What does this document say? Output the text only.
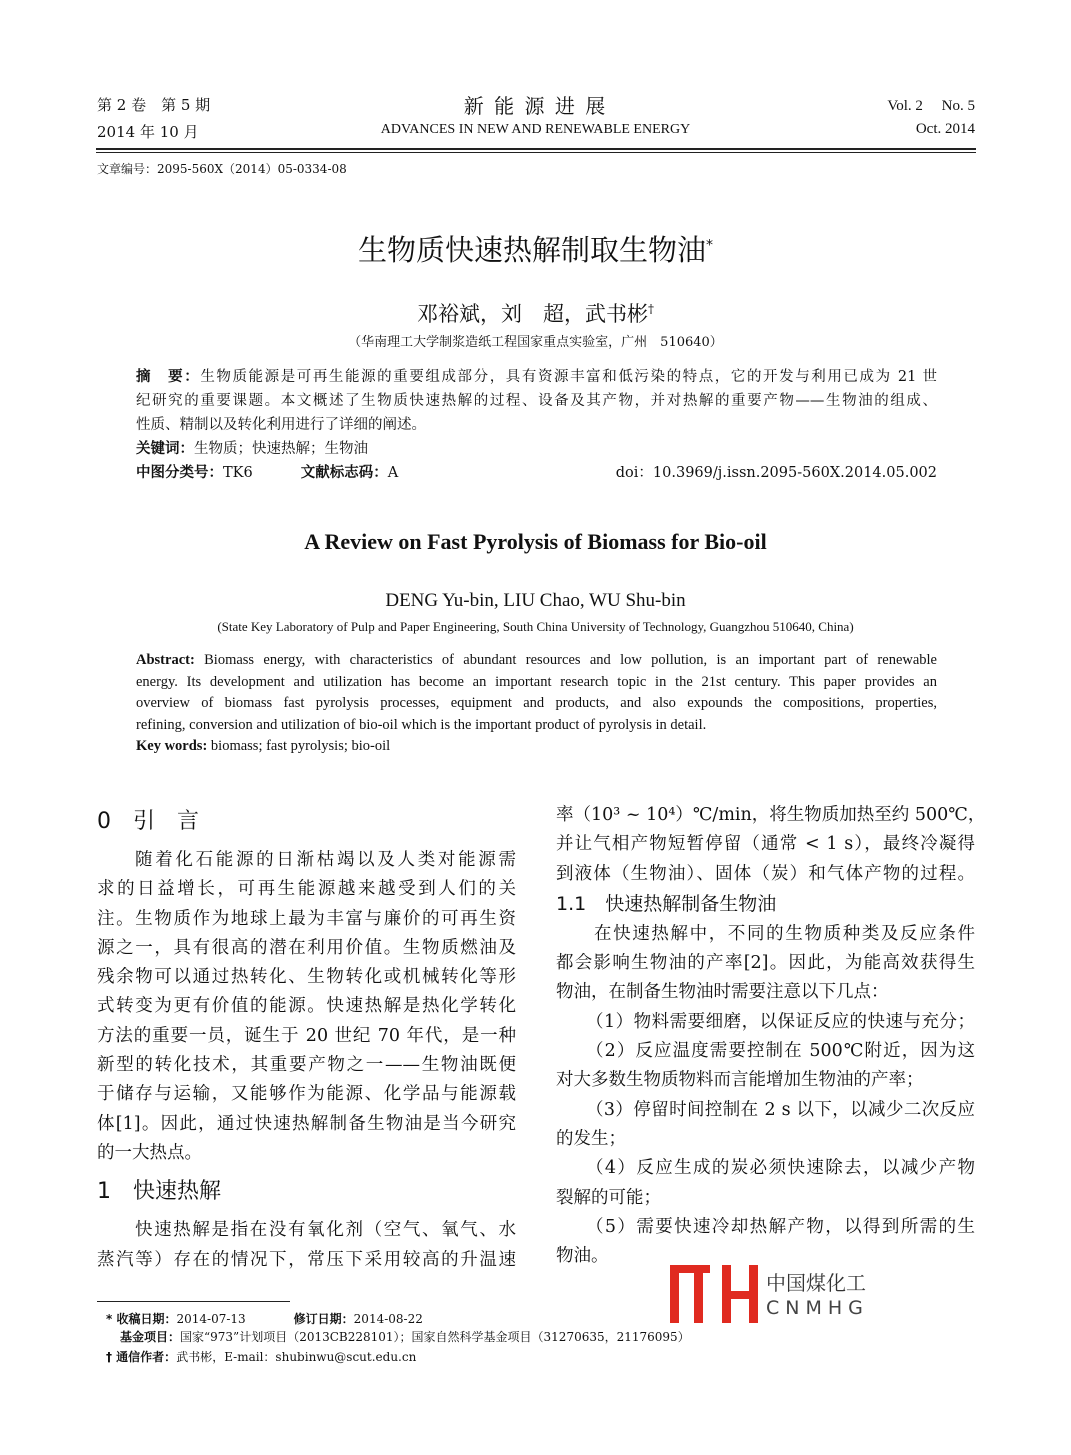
第 2 卷　第 5 期
2014 年 10 月
新 能 源 进 展
ADVANCES IN NEW AND RENEWABLE ENERGY
Vol. 2　 No. 5
Oct. 2014
文章编号：2095-560X（2014）05-0334-08
生物质快速热解制取生物油*
邓裕斌，刘　超，武书彬†
（华南理工大学制浆造纸工程国家重点实验室，广州　510640）
摘　要：生物质能源是可再生能源的重要组成部分，具有资源丰富和低污染的特点，它的开发与利用已成为 21 世
纪研究的重要课题。本文概述了生物质快速热解的过程、设备及其产物，并对热解的重要产物——生物油的组成、
性质、精制以及转化利用进行了详细的阐述。
关键词：生物质；快速热解；生物油
中图分类号：TK6	文献标志码：A	doi：10.3969/j.issn.2095-560X.2014.05.002
A Review on Fast Pyrolysis of Biomass for Bio-oil
DENG Yu-bin, LIU Chao, WU Shu-bin
(State Key Laboratory of Pulp and Paper Engineering, South China University of Technology, Guangzhou 510640, China)
Abstract: Biomass energy, with characteristics of abundant resources and low pollution, is an important part of renewable
energy. Its development and utilization has become an important research topic in the 21st century. This paper provides an
overview of biomass fast pyrolysis processes, equipment and products, and also expounds the compositions, properties,
refining, conversion and utilization of bio-oil which is the important product of pyrolysis in detail.
Key words: biomass; fast pyrolysis; bio-oil
0　引　言
随着化石能源的日渐枯竭以及人类对能源需
求的日益增长，可再生能源越来越受到人们的关
注。生物质作为地球上最为丰富与廉价的可再生资
源之一，具有很高的潜在利用价值。生物质燃油及
残余物可以通过热转化、生物转化或机械转化等形
式转变为更有价值的能源。快速热解是热化学转化
方法的重要一员，诞生于 20 世纪 70 年代，是一种
新型的转化技术，其重要产物之一——生物油既便
于储存与运输，又能够作为能源、化学品与能源载
体[1]。因此，通过快速热解制备生物油是当今研究
的一大热点。
1　快速热解
快速热解是指在没有氧化剂（空气、氧气、水
蒸汽等）存在的情况下，常压下采用较高的升温速
率（10³ ~ 10⁴）℃/min，将生物质加热至约 500℃，
并让气相产物短暂停留（通常 < 1 s），最终冷凝得
到液体（生物油）、固体（炭）和气体产物的过程。
1.1　快速热解制备生物油
在快速热解中，不同的生物质种类及反应条件
都会影响生物油的产率[2]。因此，为能高效获得生
物油，在制备生物油时需要注意以下几点：
（1）物料需要细磨，以保证反应的快速与充分；
（2）反应温度需要控制在 500℃附近，因为这
对大多数生物质物料而言能增加生物油的产率；
（3）停留时间控制在 2 s 以下，以减少二次反应
的发生；
（4）反应生成的炭必须快速除去，以减少产物
裂解的可能；
（5）需要快速冷却热解产物，以得到所需的生
物油。
中国煤化工
CNMHG
* 收稿日期：2014-07-13	修订日期：2014-08-22
基金项目：国家“973”计划项目（2013CB228101）；国家自然科学基金项目（31270635，21176095）
† 通信作者：武书彬，E-mail：shubinwu@scut.edu.cn
